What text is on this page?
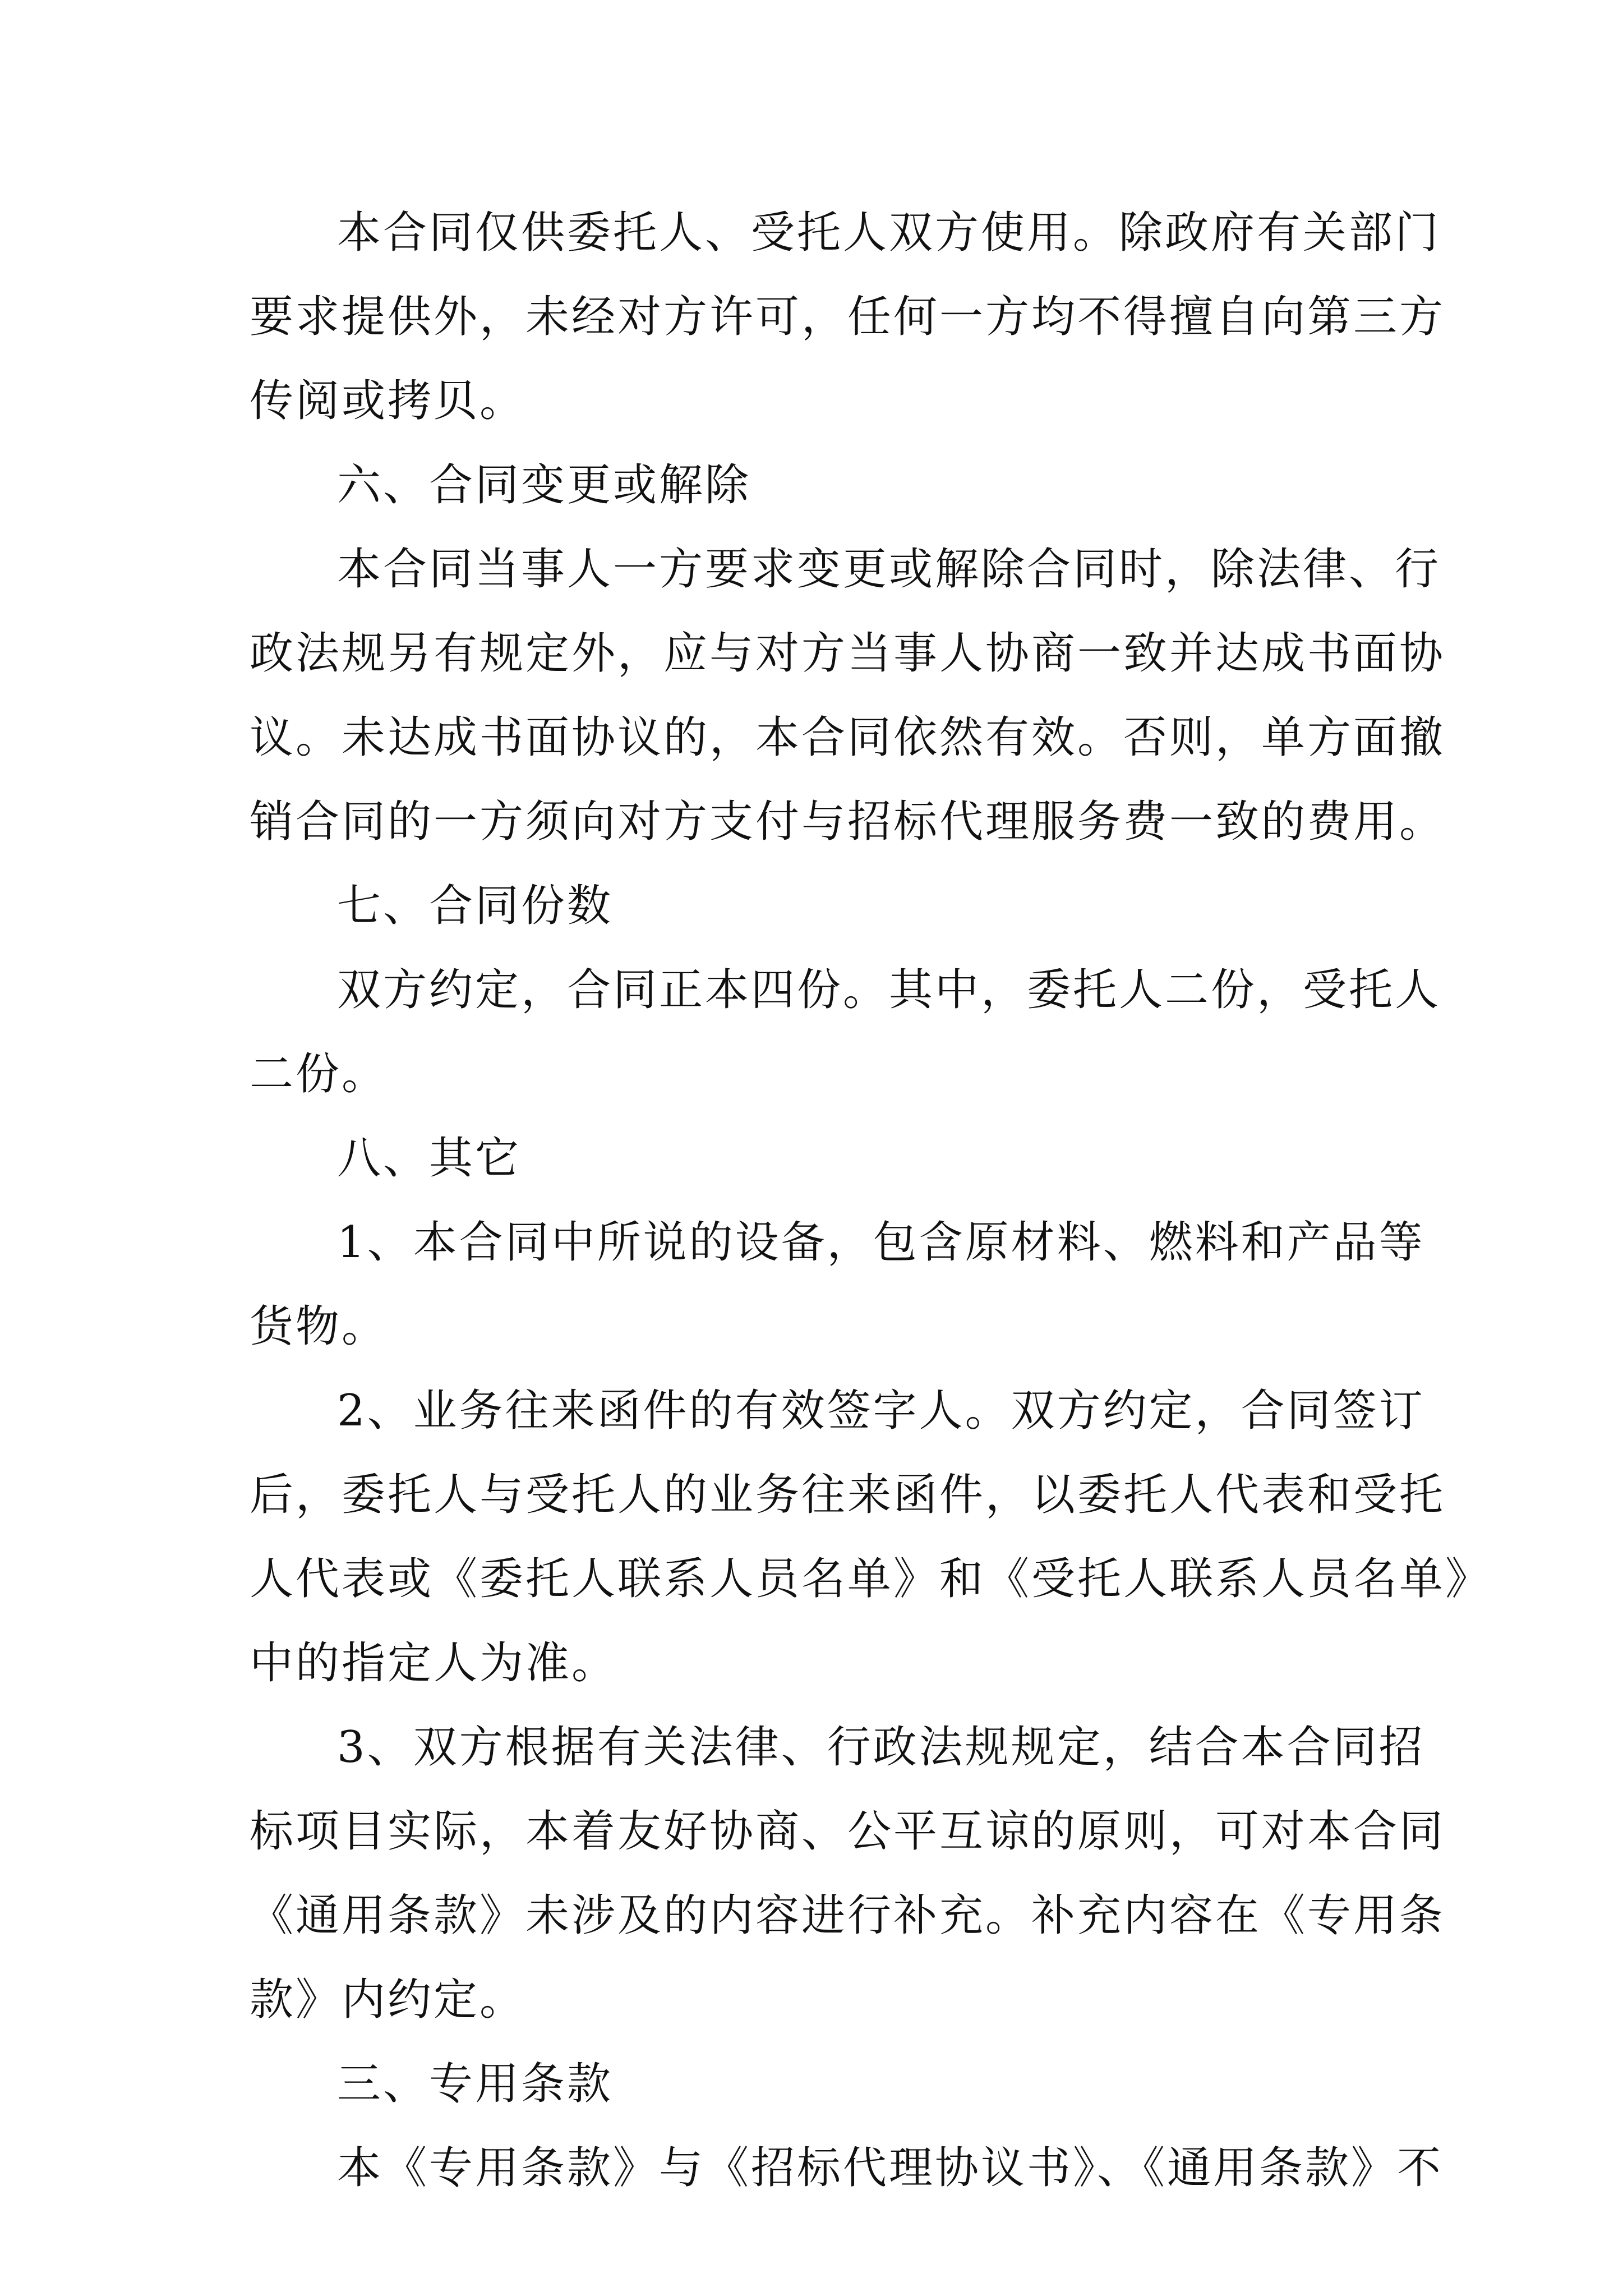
本合同仅供委托人、受托人双方使用。除政府有关部门
要求提供外，未经对方许可，任何一方均不得擅自向第三方
传阅或拷贝。
六、合同变更或解除
本合同当事人一方要求变更或解除合同时，除法律、行
政法规另有规定外，应与对方当事人协商一致并达成书面协
议。未达成书面协议的，本合同依然有效。否则，单方面撤
销合同的一方须向对方支付与招标代理服务费一致的费用。
七、合同份数
双方约定，合同正本四份。其中，委托人二份，受托人
二份。
八、其它
1、本合同中所说的设备，包含原材料、燃料和产品等
货物。
2、业务往来函件的有效签字人。双方约定，合同签订
后，委托人与受托人的业务往来函件，以委托人代表和受托
人代表或《委托人联系人员名单》和《受托人联系人员名单》
中的指定人为准。
3、双方根据有关法律、行政法规规定，结合本合同招
标项目实际，本着友好协商、公平互谅的原则，可对本合同
《通用条款》未涉及的内容进行补充。补充内容在《专用条
款》内约定。
三、专用条款
本《专用条款》与《招标代理协议书》、《通用条款》不
